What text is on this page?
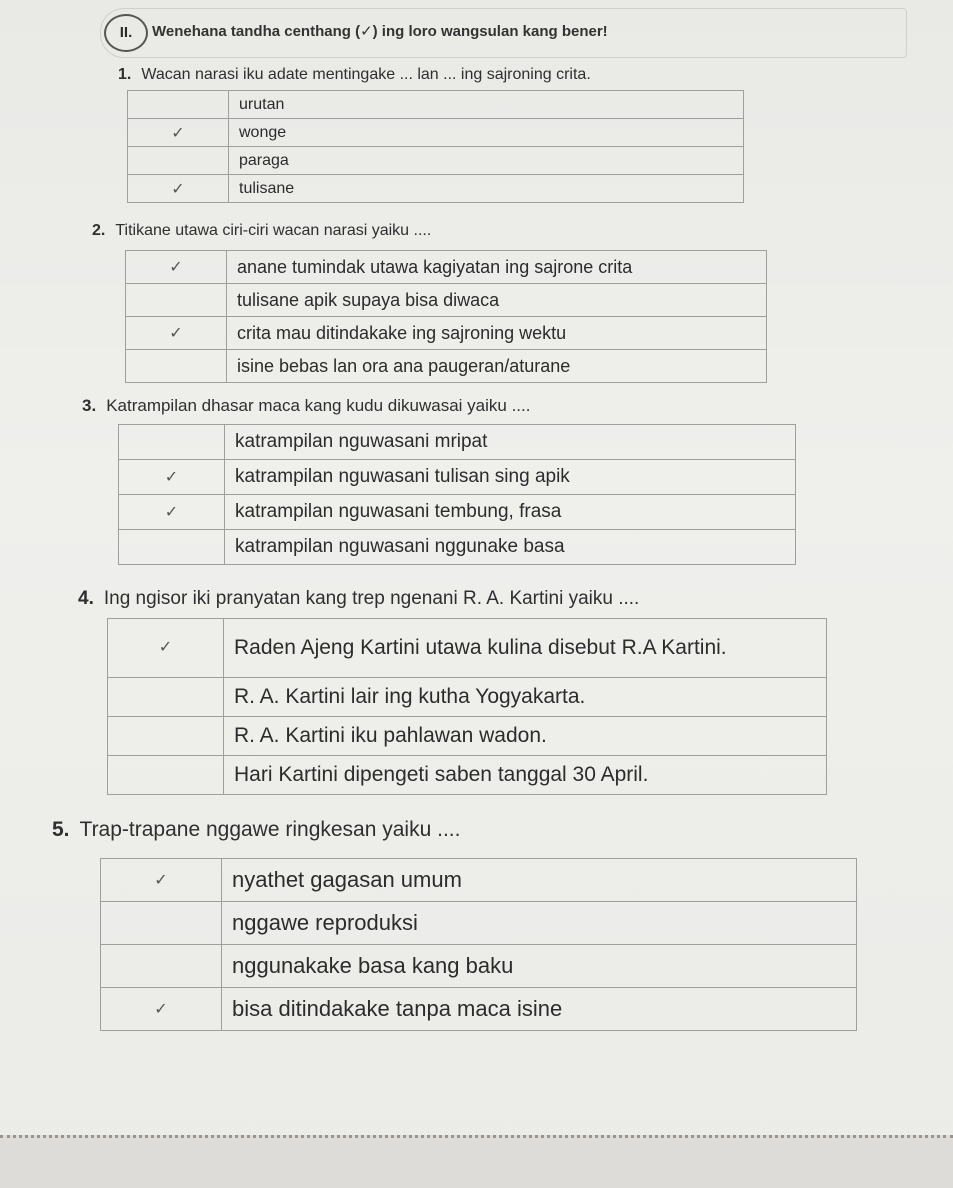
II.	Wenehana tandha centhang (✓) ing loro wangsulan kang bener!
1. Wacan narasi iku adate mentingake ... lan ... ing sajroning crita.
	urutan
✓	wonge
	paraga
✓	tulisane
2. Titikane utawa ciri-ciri wacan narasi yaiku ....
✓	anane tumindak utawa kagiyatan ing sajrone crita
	tulisane apik supaya bisa diwaca
✓	crita mau ditindakake ing sajroning wektu
	isine bebas lan ora ana paugeran/aturane
3. Katrampilan dhasar maca kang kudu dikuwasai yaiku ....
	katrampilan nguwasani mripat
✓	katrampilan nguwasani tulisan sing apik
✓	katrampilan nguwasani tembung, frasa
	katrampilan nguwasani nggunake basa
4. Ing ngisor iki pranyatan kang trep ngenani R. A. Kartini yaiku ....
✓	Raden Ajeng Kartini utawa kulina disebut R.A Kartini.
	R. A. Kartini lair ing kutha Yogyakarta.
	R. A. Kartini iku pahlawan wadon.
	Hari Kartini dipengeti saben tanggal 30 April.
5. Trap-trapane nggawe ringkesan yaiku ....
✓	nyathet gagasan umum
	nggawe reproduksi
	nggunakake basa kang baku
✓	bisa ditindakake tanpa maca isine
